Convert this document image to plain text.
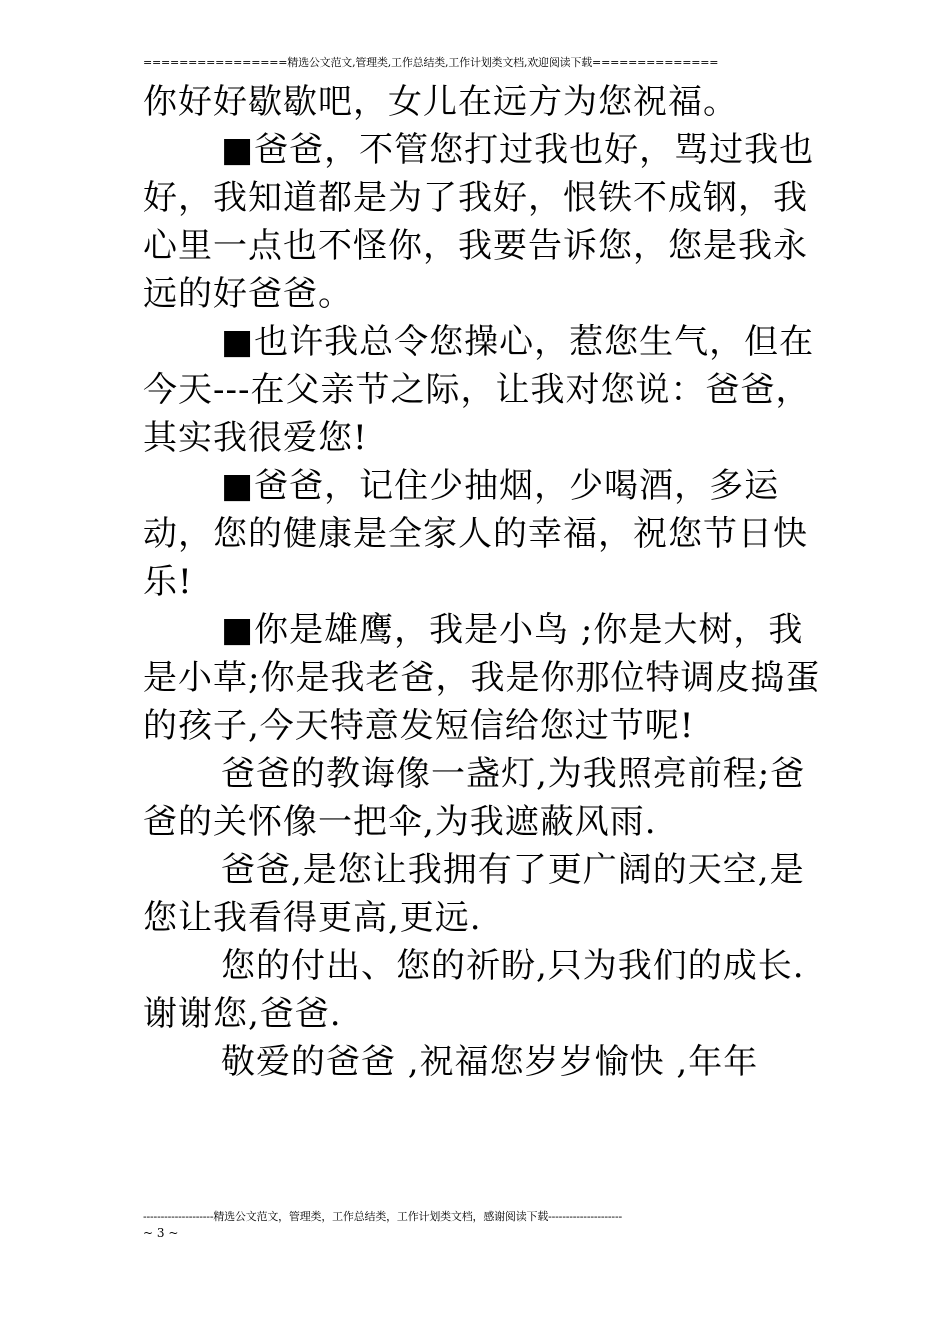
================精选公文范文,管理类,工作总结类,工作计划类文档,欢迎阅读下载==============

你好好歇歇吧，女儿在远方为您祝福。

■爸爸，不管您打过我也好，骂过我也好，我知道都是为了我好，恨铁不成钢，我心里一点也不怪你，我要告诉您，您是我永远的好爸爸。

■也许我总令您操心，惹您生气，但在今天---在父亲节之际，让我对您说：爸爸，其实我很爱您!

■爸爸，记住少抽烟，少喝酒，多运动，您的健康是全家人的幸福，祝您节日快乐!

■你是雄鹰，我是小鸟 ;你是大树，我是小草;你是我老爸，我是你那位特调皮捣蛋的孩子,今天特意发短信给您过节呢!

爸爸的教诲像一盏灯,为我照亮前程;爸爸的关怀像一把伞,为我遮蔽风雨.

爸爸,是您让我拥有了更广阔的天空,是您让我看得更高,更远.

您的付出、您的祈盼,只为我们的成长.谢谢您,爸爸.

敬爱的爸爸 ,祝福您岁岁愉快 ,年年

--------------------精选公文范文，管理类，工作总结类，工作计划类文档，感谢阅读下载---------------------
~ 3 ~
